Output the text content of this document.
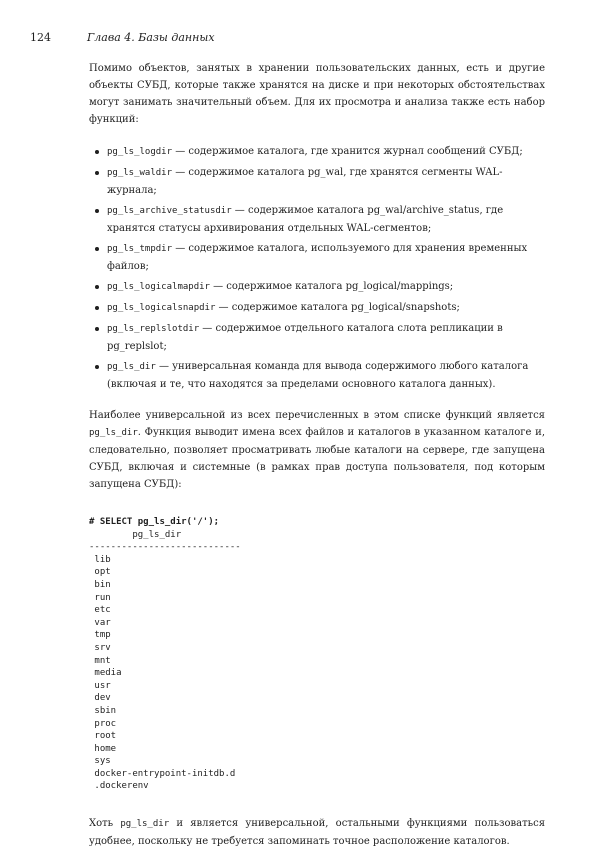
124	Глава 4. Базы данных

Помимо объектов, занятых в хранении пользовательских данных, есть и другие объекты СУБД, которые также хранятся на диске и при некоторых обстоятельствах могут занимать значительный объем. Для их просмотра и анализа также есть набор функций:

pg_ls_logdir — содержимое каталога, где хранится журнал сообщений СУБД;
pg_ls_waldir — содержимое каталога pg_wal, где хранятся сегменты WAL-журнала;
pg_ls_archive_statusdir — содержимое каталога pg_wal/archive_status, где хранятся статусы архивирования отдельных WAL-сегментов;
pg_ls_tmpdir — содержимое каталога, используемого для хранения временных файлов;
pg_ls_logicalmapdir — содержимое каталога pg_logical/mappings;
pg_ls_logicalsnapdir — содержимое каталога pg_logical/snapshots;
pg_ls_replslotdir — содержимое отдельного каталога слота репликации в pg_replslot;
pg_ls_dir — универсальная команда для вывода содержимого любого каталога (включая и те, что находятся за пределами основного каталога данных).

Наиболее универсальной из всех перечисленных в этом списке функций является pg_ls_dir. Функция выводит имена всех файлов и каталогов в указанном каталоге и, следовательно, позволяет просматривать любые каталоги на сервере, где запущена СУБД, включая и системные (в рамках прав доступа пользователя, под которым запущена СУБД):

# SELECT pg_ls_dir('/');
pg_ls_dir
----------------------------
lib
opt
bin
run
etc
var
tmp
srv
mnt
media
usr
dev
sbin
proc
root
home
sys
docker-entrypoint-initdb.d
.dockerenv

Хоть pg_ls_dir и является универсальной, остальными функциями пользоваться удобнее, поскольку не требуется запоминать точное расположение каталогов.
